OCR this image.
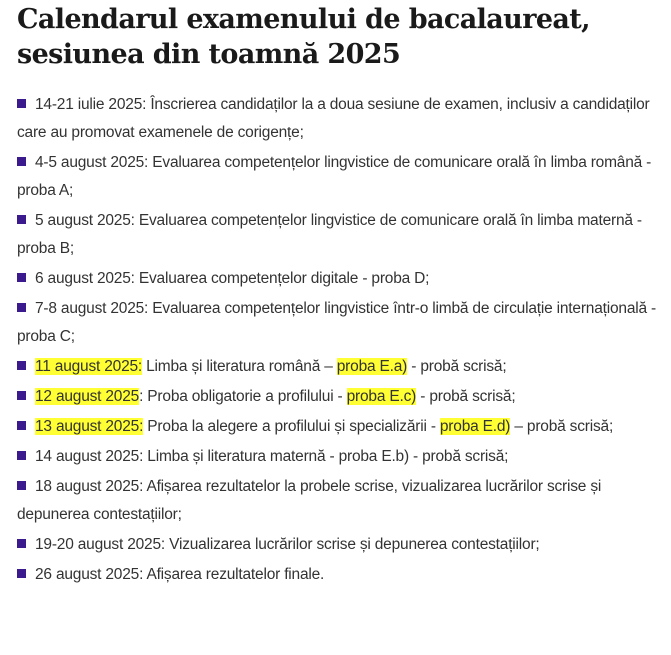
Calendarul examenului de bacalaureat, sesiunea din toamnă 2025
14-21 iulie 2025: Înscrierea candidaților la a doua sesiune de examen, inclusiv a candidaților care au promovat examenele de corigențe;
4-5 august 2025: Evaluarea competențelor lingvistice de comunicare orală în limba română - proba A;
5 august 2025: Evaluarea competențelor lingvistice de comunicare orală în limba maternă - proba B;
6 august 2025: Evaluarea competențelor digitale - proba D;
7-8 august 2025: Evaluarea competențelor lingvistice într-o limbă de circulație internațională - proba C;
11 august 2025: Limba și literatura română – proba E.a) - probă scrisă;
12 august 2025: Proba obligatorie a profilului - proba E.c) - probă scrisă;
13 august 2025: Proba la alegere a profilului și specializării - proba E.d) – probă scrisă;
14 august 2025: Limba și literatura maternă - proba E.b) - probă scrisă;
18 august 2025: Afișarea rezultatelor la probele scrise, vizualizarea lucrărilor scrise și depunerea contestațiilor;
19-20 august 2025: Vizualizarea lucrărilor scrise și depunerea contestațiilor;
26 august 2025: Afișarea rezultatelor finale.
